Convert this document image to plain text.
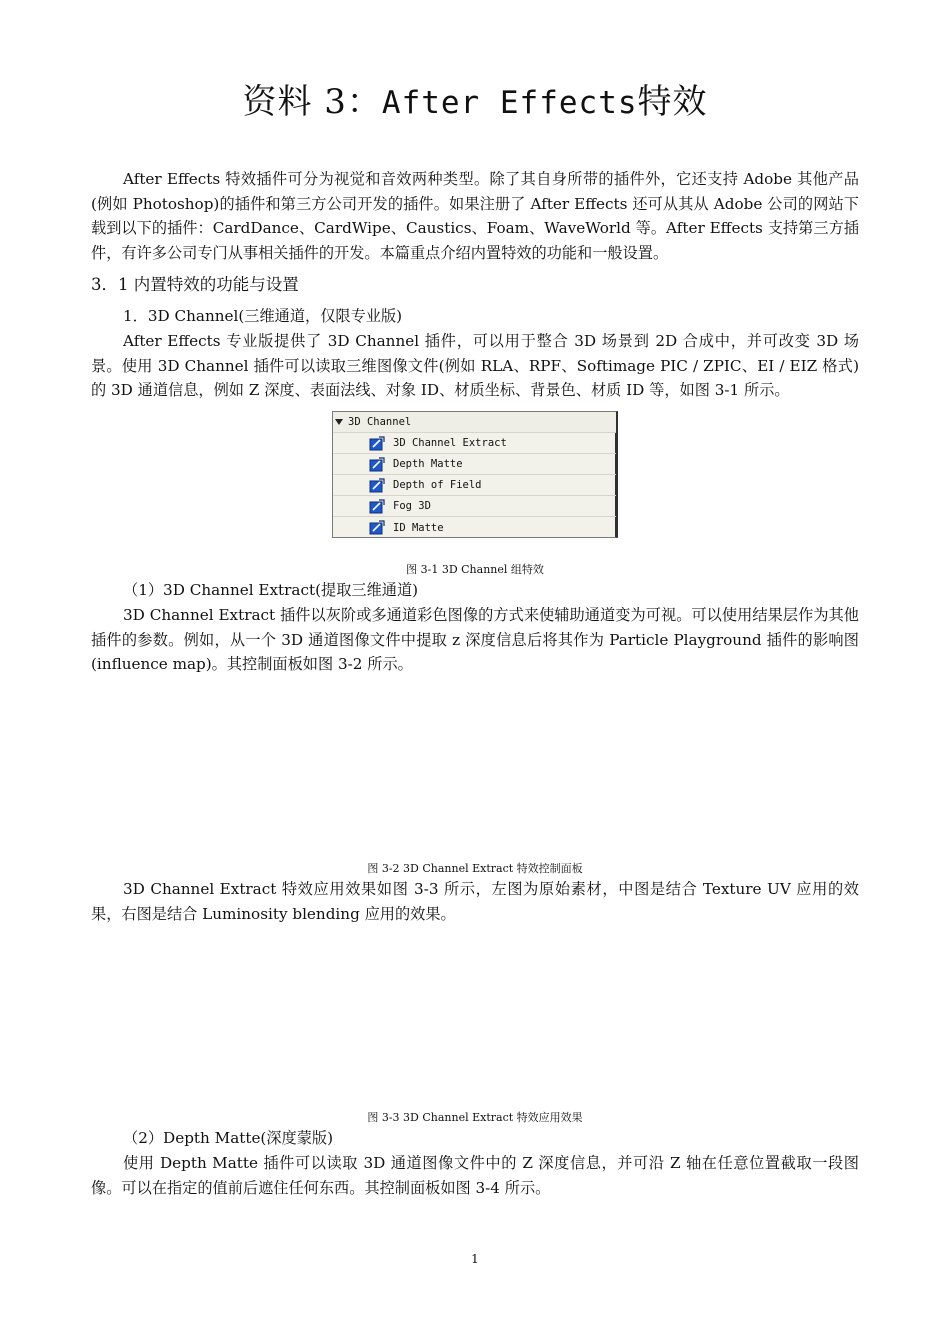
资料 3：After Effects特效

After Effects 特效插件可分为视觉和音效两种类型。除了其自身所带的插件外，它还支持 Adobe 其他产品(例如 Photoshop)的插件和第三方公司开发的插件。如果注册了 After Effects 还可从其从 Adobe 公司的网站下载到以下的插件：CardDance、CardWipe、Caustics、Foam、WaveWorld 等。After Effects 支持第三方插件，有许多公司专门从事相关插件的开发。本篇重点介绍内置特效的功能和一般设置。

3．1 内置特效的功能与设置

1．3D Channel(三维通道，仅限专业版)

After Effects 专业版提供了 3D Channel 插件，可以用于整合 3D 场景到 2D 合成中，并可改变 3D 场景。使用 3D Channel 插件可以读取三维图像文件(例如 RLA、RPF、Softimage PIC / ZPIC、EI / EIZ 格式)的 3D 通道信息，例如 Z 深度、表面法线、对象 ID、材质坐标、背景色、材质 ID 等，如图 3-1 所示。

3D Channel
3D Channel Extract
Depth Matte
Depth of Field
Fog 3D
ID Matte

图 3-1 3D Channel 组特效

（1）3D Channel Extract(提取三维通道)

3D Channel Extract 插件以灰阶或多通道彩色图像的方式来使辅助通道变为可视。可以使用结果层作为其他插件的参数。例如，从一个 3D 通道图像文件中提取 z 深度信息后将其作为 Particle Playground 插件的影响图(influence map)。其控制面板如图 3-2 所示。

图 3-2 3D Channel Extract 特效控制面板

3D Channel Extract 特效应用效果如图 3-3 所示，左图为原始素材，中图是结合 Texture UV 应用的效果，右图是结合 Luminosity blending 应用的效果。

图 3-3 3D Channel Extract 特效应用效果

（2）Depth Matte(深度蒙版)

使用 Depth Matte 插件可以读取 3D 通道图像文件中的 Z 深度信息，并可沿 Z 轴在任意位置截取一段图像。可以在指定的值前后遮住任何东西。其控制面板如图 3-4 所示。

1
